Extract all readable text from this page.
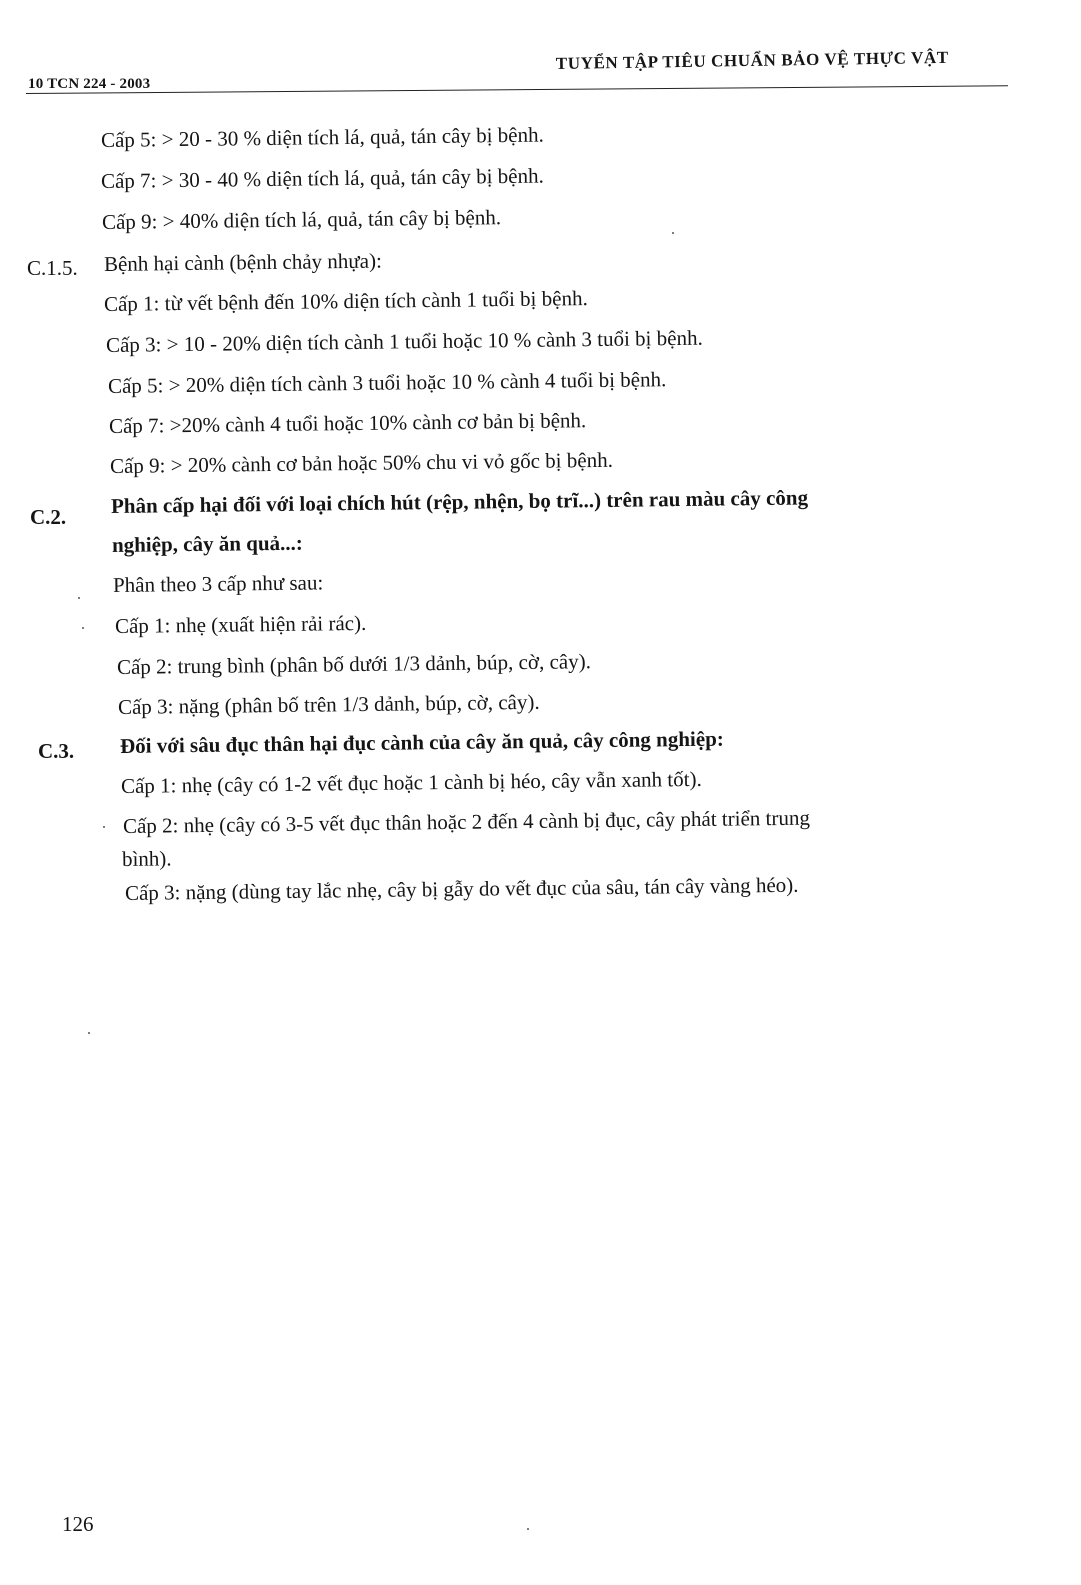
10 TCN 224 - 2003
TUYỂN TẬP TIÊU CHUẨN BẢO VỆ THỰC VẬT
Cấp 5: > 20 - 30 % diện tích lá, quả, tán cây bị bệnh.
Cấp 7: > 30 - 40 % diện tích lá, quả, tán cây bị bệnh.
Cấp 9: > 40% diện tích lá, quả, tán cây bị bệnh.
C.1.5. Bệnh hại cành (bệnh chảy nhựa):
Cấp 1: từ vết bệnh đến 10% diện tích cành 1 tuổi bị bệnh.
Cấp 3: > 10 - 20% diện tích cành 1 tuổi hoặc 10 % cành 3 tuổi bị bệnh.
Cấp 5: > 20% diện tích cành 3 tuổi hoặc 10 % cành 4 tuổi bị bệnh.
Cấp 7: >20% cành 4 tuổi hoặc 10% cành cơ bản bị bệnh.
Cấp 9: > 20% cành cơ bản hoặc 50% chu vi vỏ gốc bị bệnh.
C.2. Phân cấp hại đối với loại chích hút (rệp, nhện, bọ trĩ...) trên rau màu cây công
nghiệp, cây ăn quả...:
Phân theo 3 cấp như sau:
Cấp 1: nhẹ (xuất hiện rải rác).
Cấp 2: trung bình (phân bố dưới 1/3 dảnh, búp, cờ, cây).
Cấp 3: nặng (phân bố trên 1/3 dảnh, búp, cờ, cây).
C.3. Đối với sâu đục thân hại đục cành của cây ăn quả, cây công nghiệp:
Cấp 1: nhẹ (cây có 1-2 vết đục hoặc 1 cành bị héo, cây vẫn xanh tốt).
Cấp 2: nhẹ (cây có 3-5 vết đục thân hoặc 2 đến 4 cành bị đục, cây phát triển trung
bình).
Cấp 3: nặng (dùng tay lắc nhẹ, cây bị gẫy do vết đục của sâu, tán cây vàng héo).
126
